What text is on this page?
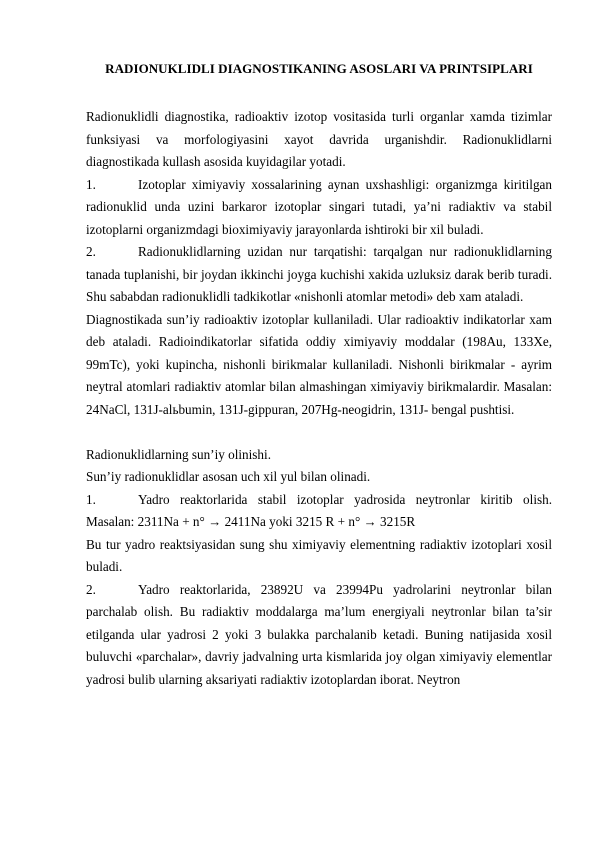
RADIONUKLIDLI DIAGNOSTIKANING ASOSLARI VA PRINTSIPLARI

Radionuklidli diagnostika, radioaktiv izotop vositasida turli organlar xamda tizimlar funksiyasi va morfologiyasini xayot davrida urganishdir. Radionuklidlarni diagnostikada kullash asosida kuyidagilar yotadi.

1.	Izotoplar ximiyaviy xossalarining aynan uxshashligi: organizmga kiritilgan radionuklid unda uzini barkaror izotoplar singari tutadi, ya’ni radiaktiv va stabil izotoplarni organizmdagi bioximiyaviy jarayonlarda ishtiroki bir xil buladi.

2.	Radionuklidlarning uzidan nur tarqatishi: tarqalgan nur radionuklidlarning tanada tuplanishi, bir joydan ikkinchi joyga kuchishi xakida uzluksiz darak berib turadi. Shu sababdan radionuklidli tadkikotlar «nishonli atomlar metodi» deb xam ataladi.

Diagnostikada sun’iy radioaktiv izotoplar kullaniladi. Ular radioaktiv indikatorlar xam deb ataladi. Radioindikatorlar sifatida oddiy ximiyaviy moddalar (198Au, 133Xe, 99mTc), yoki kupincha, nishonli birikmalar kullaniladi. Nishonli birikmalar - ayrim neytral atomlari radiaktiv atomlar bilan almashingan ximiyaviy birikmalardir. Masalan: 24NaCl, 131J-alьbumin, 131J-gippuran, 207Hg-neogidrin, 131J- bengal pushtisi.

Radionuklidlarning sun’iy olinishi.

Sun’iy radionuklidlar asosan uch xil yul bilan olinadi.

1.	Yadro reaktorlarida stabil izotoplar yadrosida neytronlar kiritib olish. Masalan: 2311Na + n° → 2411Na yoki 3215 R + n° → 3215R

Bu tur yadro reaktsiyasidan sung shu ximiyaviy elementning radiaktiv izotoplari xosil buladi.

2.	Yadro reaktorlarida, 23892U va 23994Pu yadrolarini neytronlar bilan parchalab olish. Bu radiaktiv moddalarga ma’lum energiyali neytronlar bilan ta’sir etilganda ular yadrosi 2 yoki 3 bulakka parchalanib ketadi. Buning natijasida xosil buluvchi «parchalar», davriy jadvalning urta kismlarida joy olgan ximiyaviy elementlar yadrosi bulib ularning aksariyati radiaktiv izotoplardan iborat. Neytron
